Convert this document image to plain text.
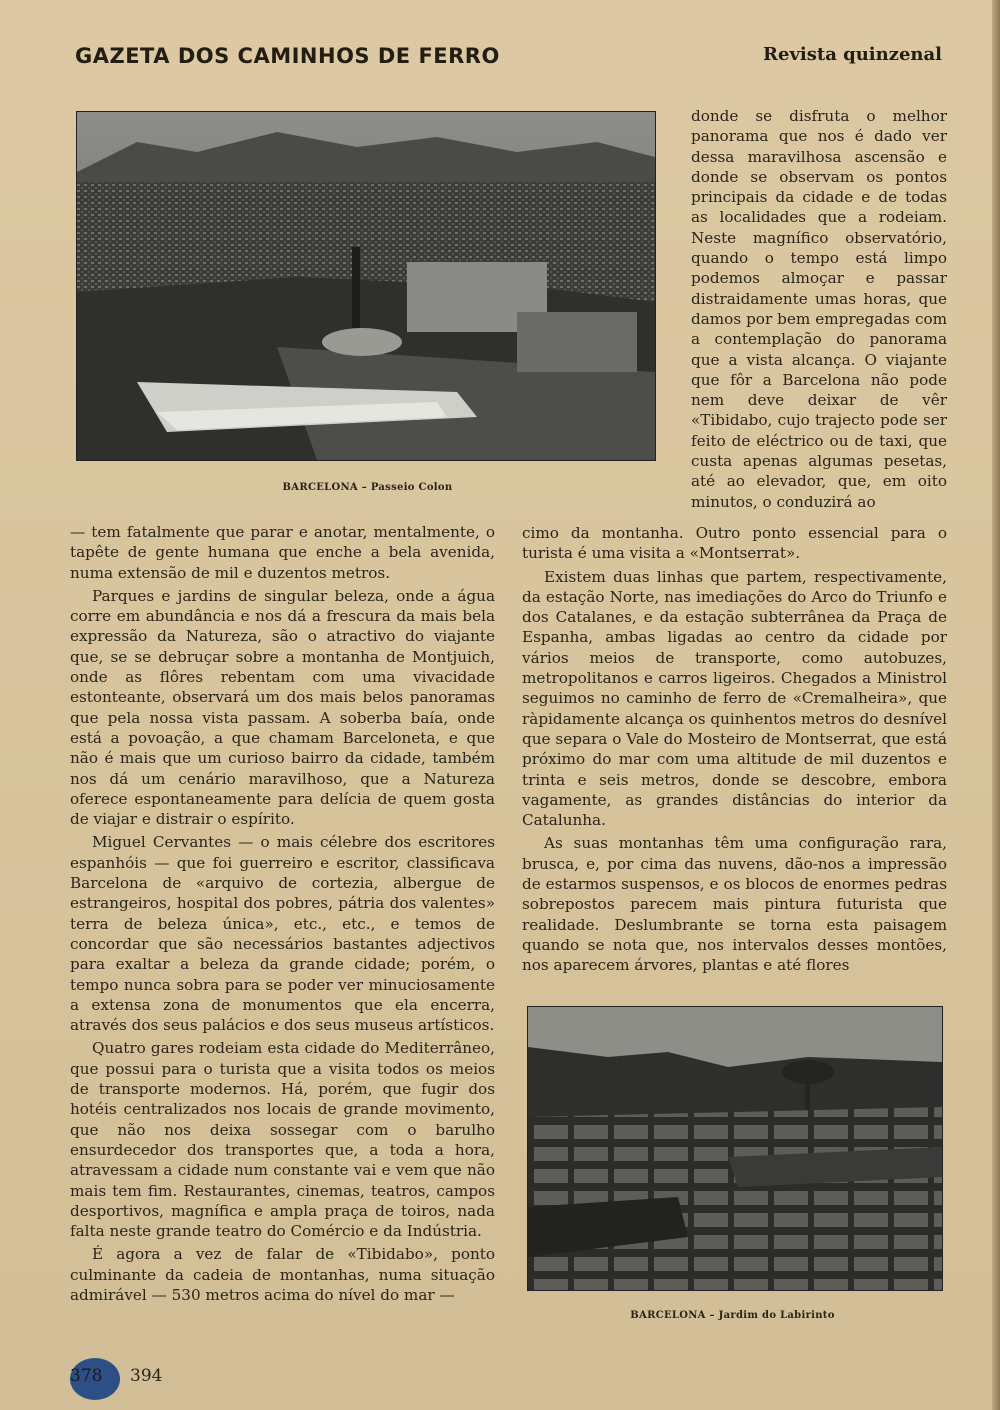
GAZETA DOS CAMINHOS DE FERRO	Revista quinzenal
BARCELONA – Passeio Colon

donde se disfruta o melhor panorama que nos é dado ver dessa maravilhosa ascensão e donde se observam os pontos principais da cidade e de todas as localidades que a rodeiam. Neste magnífico observatório, quando o tempo está limpo podemos almoçar e passar distraidamente umas horas, que damos por bem empregadas com a contemplação do panorama que a vista alcança. O viajante que fôr a Barcelona não pode nem deve deixar de vêr «Tibidabo, cujo trajecto pode ser feito de eléctrico ou de taxi, que custa apenas algumas pesetas, até ao elevador, que, em oito minutos, o conduzirá ao

— tem fatalmente que parar e anotar, mentalmente, o tapête de gente humana que enche a bela avenida, numa extensão de mil e duzentos metros.

Parques e jardins de singular beleza, onde a água corre em abundância e nos dá a frescura da mais bela expressão da Natureza, são o atractivo do viajante que, se se debruçar sobre a montanha de Montjuich, onde as flôres rebentam com uma vivacidade estonteante, observará um dos mais belos panoramas que pela nossa vista passam. A soberba baía, onde está a povoação, a que chamam Barceloneta, e que não é mais que um curioso bairro da cidade, também nos dá um cenário maravilhoso, que a Natureza oferece espontaneamente para delícia de quem gosta de viajar e distrair o espírito.

Miguel Cervantes — o mais célebre dos escritores espanhóis — que foi guerreiro e escritor, classificava Barcelona de «arquivo de cortezia, albergue de estrangeiros, hospital dos pobres, pátria dos valentes» terra de beleza única», etc., etc., e temos de concordar que são necessários bastantes adjectivos para exaltar a beleza da grande cidade; porém, o tempo nunca sobra para se poder ver minuciosamente a extensa zona de monumentos que ela encerra, através dos seus palácios e dos seus museus artísticos.

Quatro gares rodeiam esta cidade do Mediterrâneo, que possui para o turista que a visita todos os meios de transporte modernos. Há, porém, que fugir dos hotéis centralizados nos locais de grande movimento, que não nos deixa sossegar com o barulho ensurdecedor dos transportes que, a toda a hora, atravessam a cidade num constante vai e vem que não mais tem fim. Restaurantes, cinemas, teatros, campos desportivos, magnífica e ampla praça de toiros, nada falta neste grande teatro do Comércio e da Indústria.

É agora a vez de falar de «Tibidabo», ponto culminante da cadeia de montanhas, numa situação admirável — 530 metros acima do nível do mar —

cimo da montanha. Outro ponto essencial para o turista é uma visita a «Montserrat».

Existem duas linhas que partem, respectivamente, da estação Norte, nas imediações do Arco do Triunfo e dos Catalanes, e da estação subterrânea da Praça de Espanha, ambas ligadas ao centro da cidade por vários meios de transporte, como autobuzes, metropolitanos e carros ligeiros. Chegados a Ministrol seguimos no caminho de ferro de «Cremalheira», que ràpidamente alcança os quinhentos metros do desnível que separa o Vale do Mosteiro de Montserrat, que está próximo do mar com uma altitude de mil duzentos e trinta e seis metros, donde se descobre, embora vagamente, as grandes distâncias do interior da Catalunha.

As suas montanhas têm uma configuração rara, brusca, e, por cima das nuvens, dão-nos a impressão de estarmos suspensos, e os blocos de enormes pedras sobrepostos parecem mais pintura futurista que realidade. Deslumbrante se torna esta paisagem quando se nota que, nos intervalos desses montões, nos aparecem árvores, plantas e até flores

BARCELONA – Jardim do Labirinto
378 394
